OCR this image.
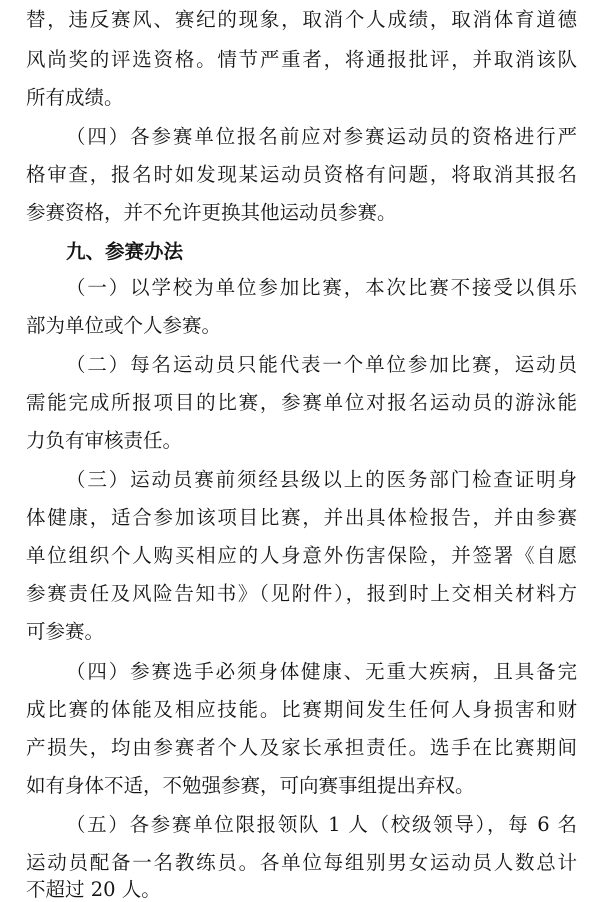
替，违反赛风、赛纪的现象，取消个人成绩，取消体育道德
风尚奖的评选资格。情节严重者，将通报批评，并取消该队
所有成绩。
（四）各参赛单位报名前应对参赛运动员的资格进行严
格审查，报名时如发现某运动员资格有问题，将取消其报名
参赛资格，并不允许更换其他运动员参赛。
九、参赛办法
（一）以学校为单位参加比赛，本次比赛不接受以俱乐
部为单位或个人参赛。
（二）每名运动员只能代表一个单位参加比赛，运动员
需能完成所报项目的比赛，参赛单位对报名运动员的游泳能
力负有审核责任。
（三）运动员赛前须经县级以上的医务部门检查证明身
体健康，适合参加该项目比赛，并出具体检报告，并由参赛
单位组织个人购买相应的人身意外伤害保险，并签署《自愿
参赛责任及风险告知书》（见附件），报到时上交相关材料方
可参赛。
（四）参赛选手必须身体健康、无重大疾病，且具备完
成比赛的体能及相应技能。比赛期间发生任何人身损害和财
产损失，均由参赛者个人及家长承担责任。选手在比赛期间
如有身体不适，不勉强参赛，可向赛事组提出弃权。
（五）各参赛单位限报领队 1 人（校级领导），每 6 名
运动员配备一名教练员。各单位每组别男女运动员人数总计
不超过 20 人。
